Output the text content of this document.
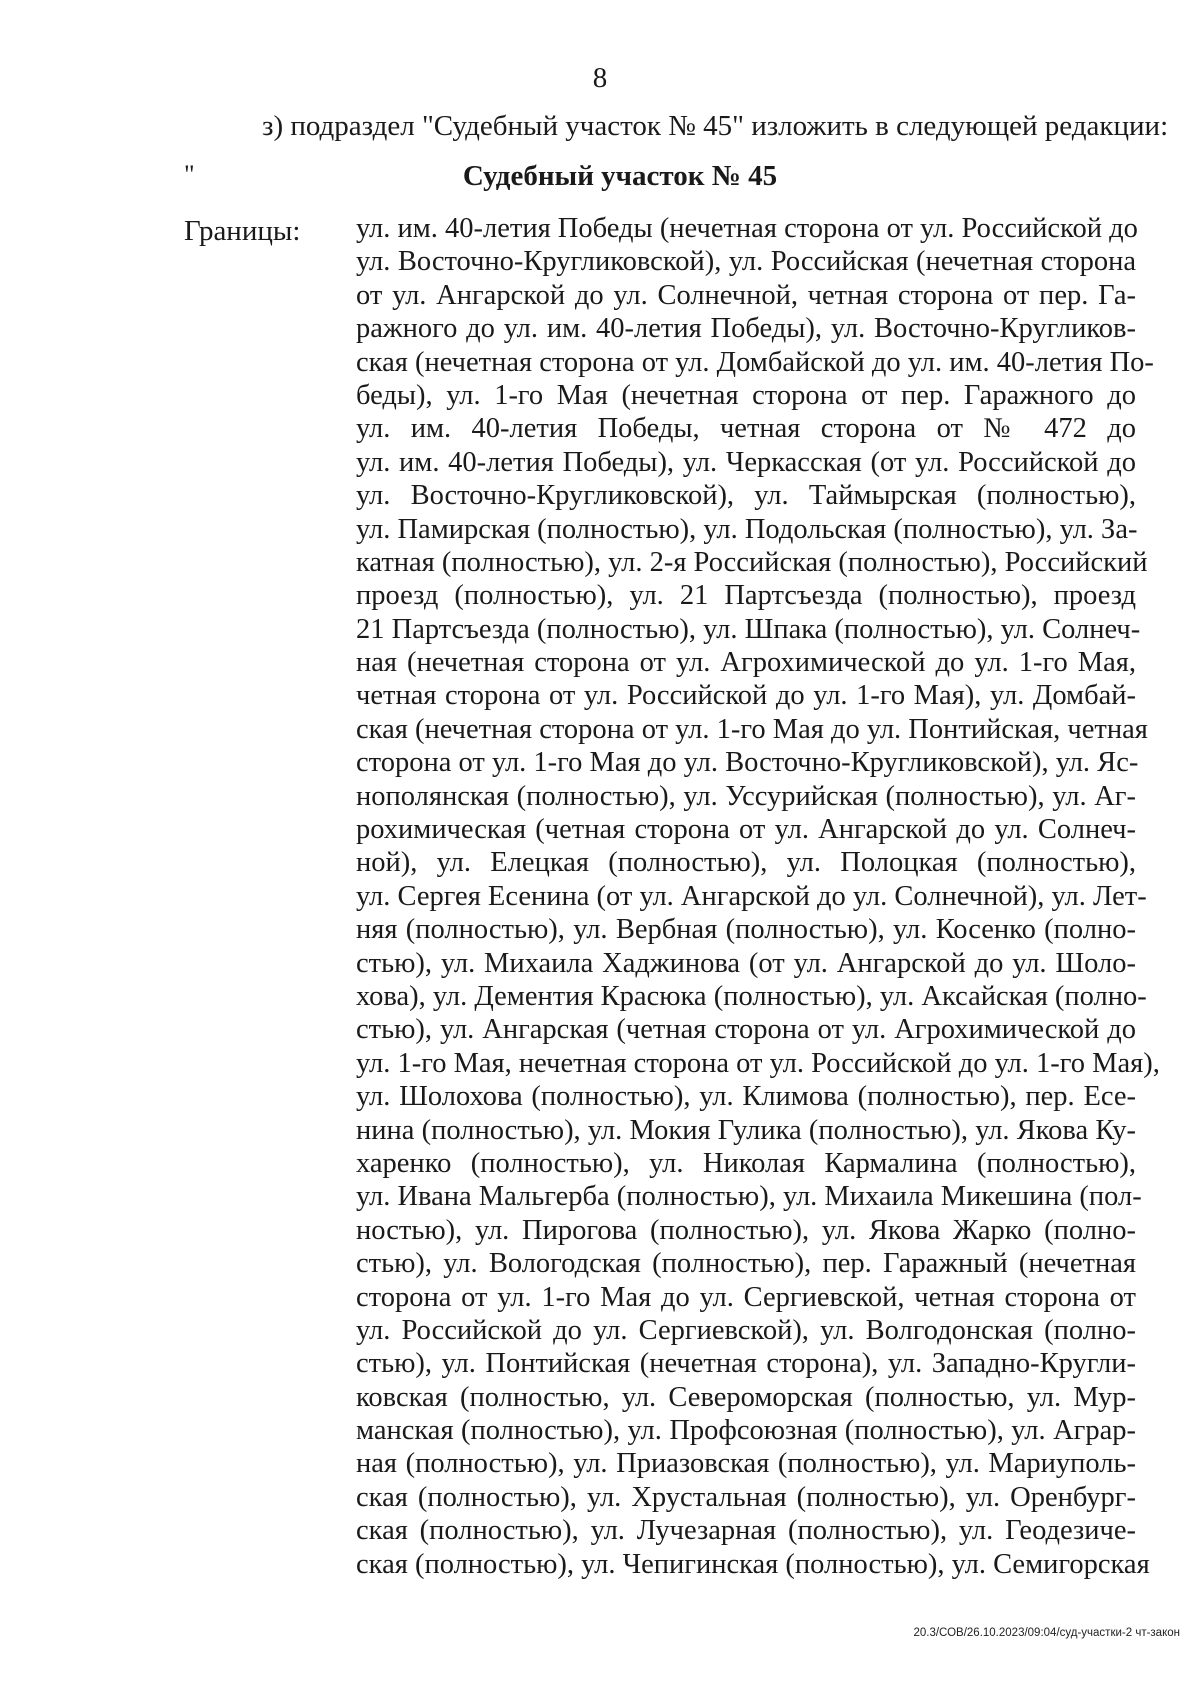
8
з) подраздел "Судебный участок № 45" изложить в следующей редакции:
"	Судебный участок № 45
Границы: ул. им. 40-летия Победы (нечетная сторона от ул. Российской до
ул. Восточно-Кругликовской), ул. Российская (нечетная сторона
от ул. Ангарской до ул. Солнечной, четная сторона от пер. Га-
ражного до ул. им. 40-летия Победы), ул. Восточно-Кругликов-
ская (нечетная сторона от ул. Домбайской до ул. им. 40-летия По-
беды), ул. 1-го Мая (нечетная сторона от пер. Гаражного до
ул. им. 40-летия Победы, четная сторона от № 472 до
ул. им. 40-летия Победы), ул. Черкасская (от ул. Российской до
ул. Восточно-Кругликовской), ул. Таймырская (полностью),
ул. Памирская (полностью), ул. Подольская (полностью), ул. За-
катная (полностью), ул. 2-я Российская (полностью), Российский
проезд (полностью), ул. 21 Партсъезда (полностью), проезд
21 Партсъезда (полностью), ул. Шпака (полностью), ул. Солнеч-
ная (нечетная сторона от ул. Агрохимической до ул. 1-го Мая,
четная сторона от ул. Российской до ул. 1-го Мая), ул. Домбай-
ская (нечетная сторона от ул. 1-го Мая до ул. Понтийская, четная
сторона от ул. 1-го Мая до ул. Восточно-Кругликовской), ул. Яс-
нополянская (полностью), ул. Уссурийская (полностью), ул. Аг-
рохимическая (четная сторона от ул. Ангарской до ул. Солнеч-
ной), ул. Елецкая (полностью), ул. Полоцкая (полностью),
ул. Сергея Есенина (от ул. Ангарской до ул. Солнечной), ул. Лет-
няя (полностью), ул. Вербная (полностью), ул. Косенко (полно-
стью), ул. Михаила Хаджинова (от ул. Ангарской до ул. Шоло-
хова), ул. Дементия Красюка (полностью), ул. Аксайская (полно-
стью), ул. Ангарская (четная сторона от ул. Агрохимической до
ул. 1-го Мая, нечетная сторона от ул. Российской до ул. 1-го Мая),
ул. Шолохова (полностью), ул. Климова (полностью), пер. Есе-
нина (полностью), ул. Мокия Гулика (полностью), ул. Якова Ку-
харенко (полностью), ул. Николая Кармалина (полностью),
ул. Ивана Мальгерба (полностью), ул. Михаила Микешина (пол-
ностью), ул. Пирогова (полностью), ул. Якова Жарко (полно-
стью), ул. Вологодская (полностью), пер. Гаражный (нечетная
сторона от ул. 1-го Мая до ул. Сергиевской, четная сторона от
ул. Российской до ул. Сергиевской), ул. Волгодонская (полно-
стью), ул. Понтийская (нечетная сторона), ул. Западно-Кругли-
ковская (полностью, ул. Североморская (полностью, ул. Мур-
манская (полностью), ул. Профсоюзная (полностью), ул. Аграр-
ная (полностью), ул. Приазовская (полностью), ул. Мариуполь-
ская (полностью), ул. Хрустальная (полностью), ул. Оренбург-
ская (полностью), ул. Лучезарная (полностью), ул. Геодезиче-
ская (полностью), ул. Чепигинская (полностью), ул. Семигорская
20.3/СОВ/26.10.2023/09:04/суд-участки-2 чт-закон
